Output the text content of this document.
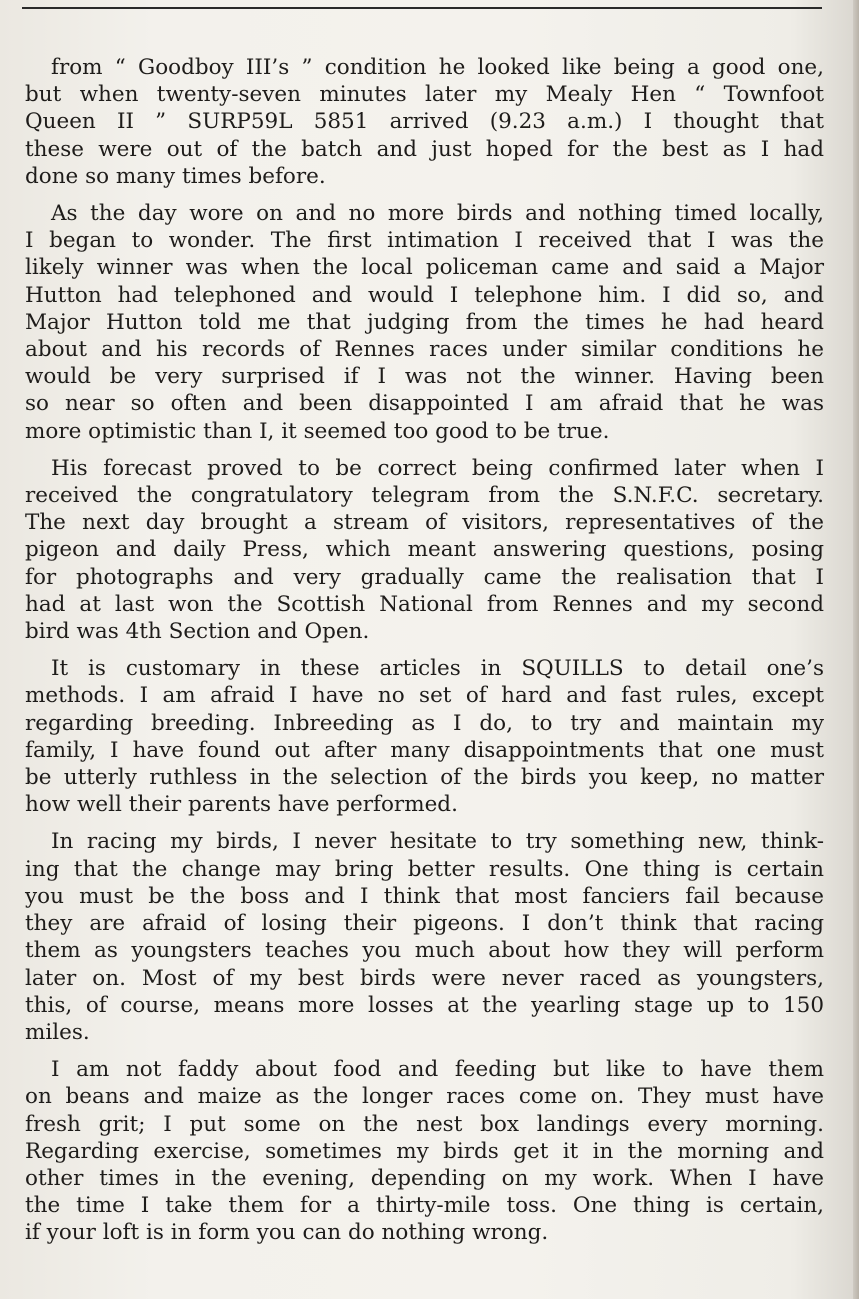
from “ Goodboy III’s ” condition he looked like being a good one,
but when twenty-seven minutes later my Mealy Hen “ Townfoot
Queen II ” SURP59L 5851 arrived (9.23 a.m.) I thought that
these were out of the batch and just hoped for the best as I had
done so many times before.
As the day wore on and no more birds and nothing timed locally,
I began to wonder. The first intimation I received that I was the
likely winner was when the local policeman came and said a Major
Hutton had telephoned and would I telephone him. I did so, and
Major Hutton told me that judging from the times he had heard
about and his records of Rennes races under similar conditions he
would be very surprised if I was not the winner. Having been
so near so often and been disappointed I am afraid that he was
more optimistic than I, it seemed too good to be true.
His forecast proved to be correct being confirmed later when I
received the congratulatory telegram from the S.N.F.C. secretary.
The next day brought a stream of visitors, representatives of the
pigeon and daily Press, which meant answering questions, posing
for photographs and very gradually came the realisation that I
had at last won the Scottish National from Rennes and my second
bird was 4th Section and Open.
It is customary in these articles in SQUILLS to detail one’s
methods. I am afraid I have no set of hard and fast rules, except
regarding breeding. Inbreeding as I do, to try and maintain my
family, I have found out after many disappointments that one must
be utterly ruthless in the selection of the birds you keep, no matter
how well their parents have performed.
In racing my birds, I never hesitate to try something new, think-
ing that the change may bring better results. One thing is certain
you must be the boss and I think that most fanciers fail because
they are afraid of losing their pigeons. I don’t think that racing
them as youngsters teaches you much about how they will perform
later on. Most of my best birds were never raced as youngsters,
this, of course, means more losses at the yearling stage up to 150
miles.
I am not faddy about food and feeding but like to have them
on beans and maize as the longer races come on. They must have
fresh grit; I put some on the nest box landings every morning.
Regarding exercise, sometimes my birds get it in the morning and
other times in the evening, depending on my work. When I have
the time I take them for a thirty-mile toss. One thing is certain,
if your loft is in form you can do nothing wrong.
